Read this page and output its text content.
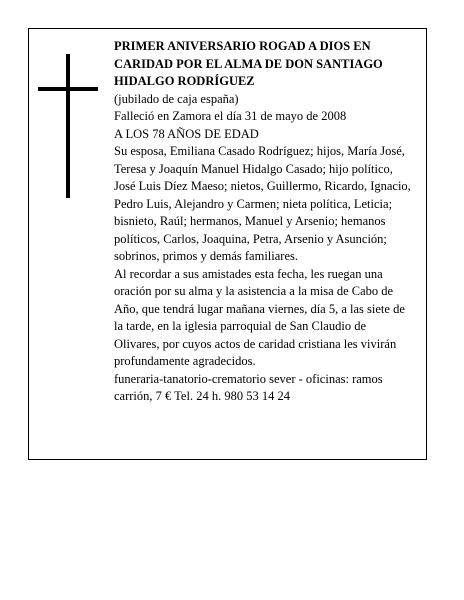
PRIMER ANIVERSARIO ROGAD A DIOS EN CARIDAD POR EL ALMA DE DON SANTIAGO HIDALGO RODRÍGUEZ

(jubilado de caja españa)

Falleció en Zamora el día 31 de mayo de 2008

A LOS 78 AÑOS DE EDAD

Su esposa, Emiliana Casado Rodríguez; hijos, María José, Teresa y Joaquín Manuel Hidalgo Casado; hijo político, José Luis Díez Maeso; nietos, Guillermo, Ricardo, Ignacio, Pedro Luis, Alejandro y Carmen; nieta política, Leticia; bisnieto, Raúl; hermanos, Manuel y Arsenio; hemanos políticos, Carlos, Joaquina, Petra, Arsenio y Asunción; sobrinos, primos y demás familiares.

Al recordar a sus amistades esta fecha, les ruegan una oración por su alma y la asistencia a la misa de Cabo de Año, que tendrá lugar mañana viernes, día 5, a las siete de la tarde, en la iglesia parroquial de San Claudio de Olivares, por cuyos actos de caridad cristiana les vivirán profundamente agradecidos.

funeraria-tanatorio-crematorio sever - oficinas: ramos carrión, 7 € Tel. 24 h. 980 53 14 24
